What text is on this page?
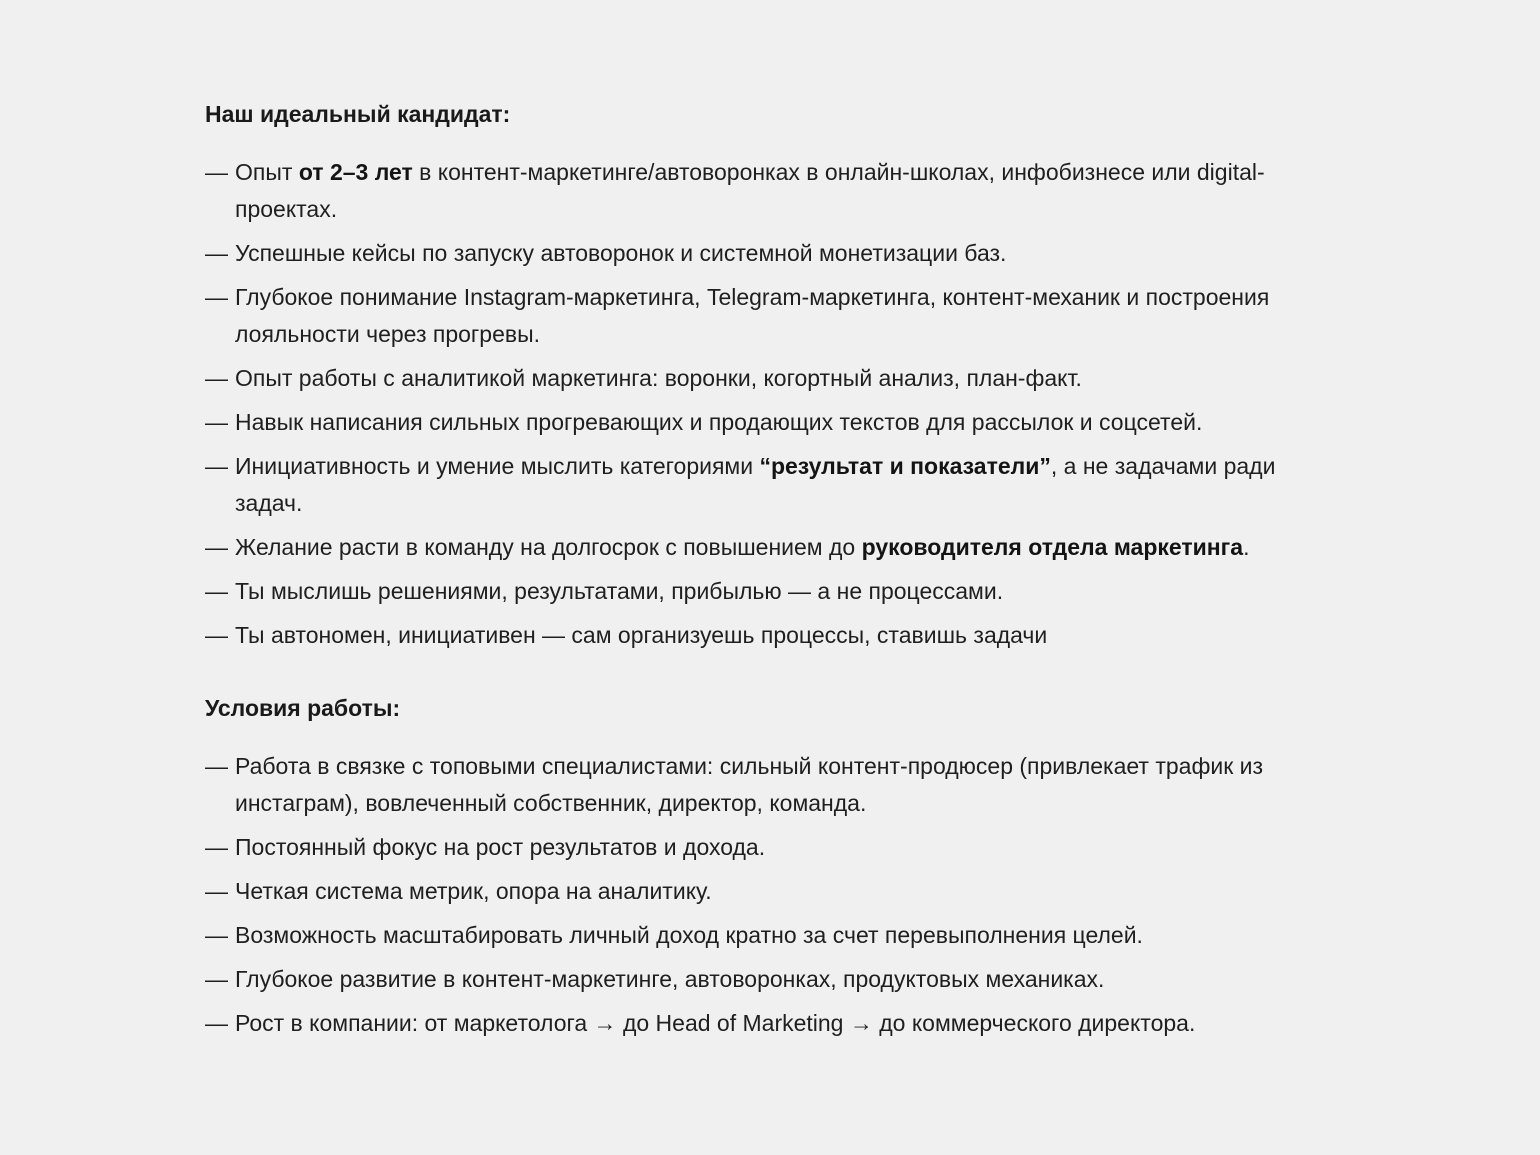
Наш идеальный кандидат:
— Опыт от 2–3 лет в контент-маркетинге/автоворонках в онлайн-школах, инфобизнесе или digital-проектах.
— Успешные кейсы по запуску автоворонок и системной монетизации баз.
— Глубокое понимание Instagram-маркетинга, Telegram-маркетинга, контент-механик и построения лояльности через прогревы.
— Опыт работы с аналитикой маркетинга: воронки, когортный анализ, план-факт.
— Навык написания сильных прогревающих и продающих текстов для рассылок и соцсетей.
— Инициативность и умение мыслить категориями “результат и показатели”, а не задачами ради задач.
— Желание расти в команду на долгосрок с повышением до руководителя отдела маркетинга.
— Ты мыслишь решениями, результатами, прибылью — а не процессами.
— Ты автономен, инициативен — сам организуешь процессы, ставишь задачи
Условия работы:
— Работа в связке с топовыми специалистами: сильный контент-продюсер (привлекает трафик из инстаграм), вовлеченный собственник, директор, команда.
— Постоянный фокус на рост результатов и дохода.
— Четкая система метрик, опора на аналитику.
— Возможность масштабировать личный доход кратно за счет перевыполнения целей.
— Глубокое развитие в контент-маркетинге, автоворонках, продуктовых механиках.
— Рост в компании: от маркетолога → до Head of Marketing → до коммерческого директора.
